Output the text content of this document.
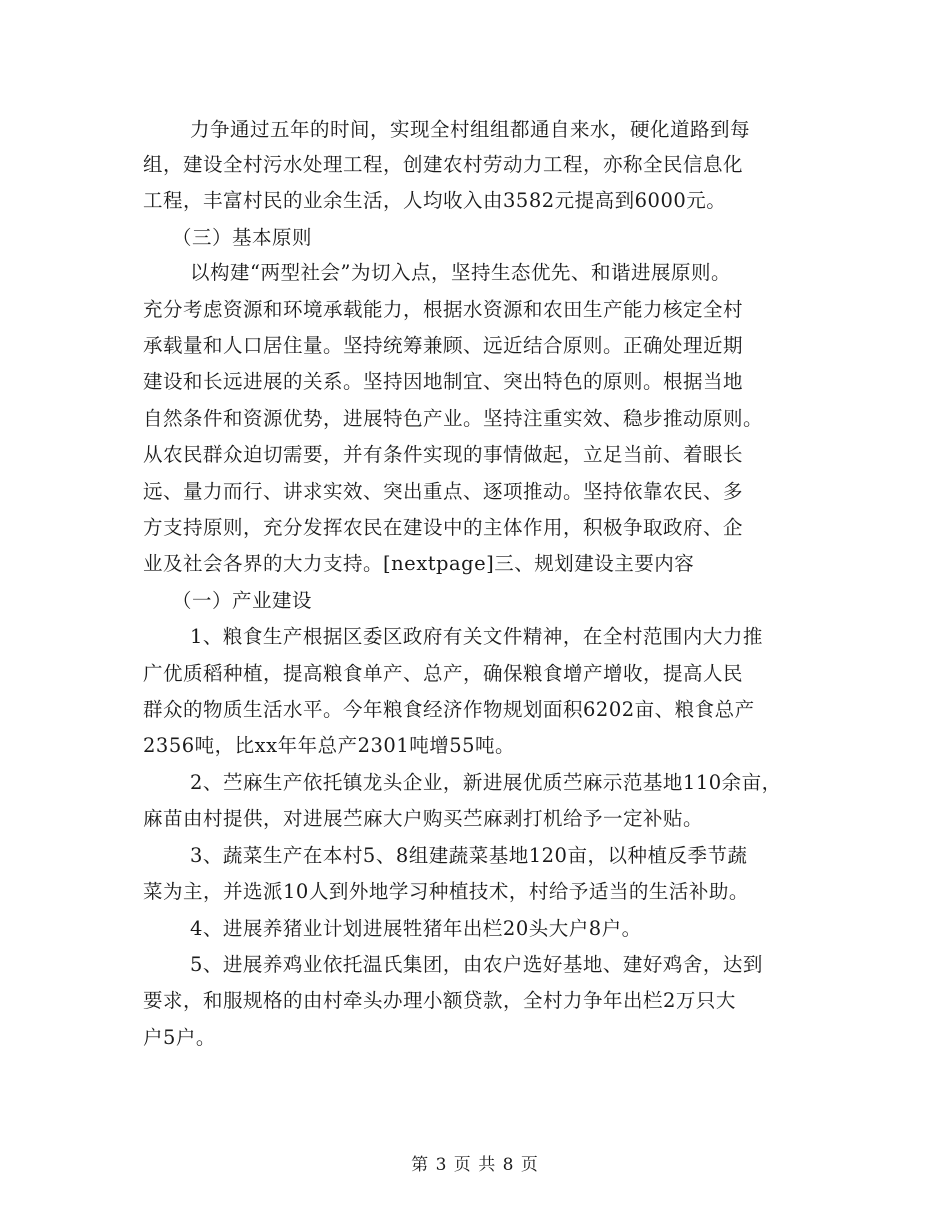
力争通过五年的时间，实现全村组组都通自来水，硬化道路到每
组，建设全村污水处理工程，创建农村劳动力工程，亦称全民信息化
工程，丰富村民的业余生活，人均收入由3582元提高到6000元。
（三）基本原则
以构建“两型社会”为切入点，坚持生态优先、和谐进展原则。
充分考虑资源和环境承载能力，根据水资源和农田生产能力核定全村
承载量和人口居住量。坚持统筹兼顾、远近结合原则。正确处理近期
建设和长远进展的关系。坚持因地制宜、突出特色的原则。根据当地
自然条件和资源优势，进展特色产业。坚持注重实效、稳步推动原则。
从农民群众迫切需要，并有条件实现的事情做起，立足当前、着眼长
远、量力而行、讲求实效、突出重点、逐项推动。坚持依靠农民、多
方支持原则，充分发挥农民在建设中的主体作用，积极争取政府、企
业及社会各界的大力支持。[nextpage]三、规划建设主要内容
（一）产业建设
1、粮食生产根据区委区政府有关文件精神，在全村范围内大力推
广优质稻种植，提高粮食单产、总产，确保粮食增产增收，提高人民
群众的物质生活水平。今年粮食经济作物规划面积6202亩、粮食总产
2356吨，比xx年年总产2301吨增55吨。
2、苎麻生产依托镇龙头企业，新进展优质苎麻示范基地110余亩，
麻苗由村提供，对进展苎麻大户购买苎麻剥打机给予一定补贴。
3、蔬菜生产在本村5、8组建蔬菜基地120亩，以种植反季节蔬
菜为主，并选派10人到外地学习种植技术，村给予适当的生活补助。
4、进展养猪业计划进展牲猪年出栏20头大户8户。
5、进展养鸡业依托温氏集团，由农户选好基地、建好鸡舍，达到
要求，和服规格的由村牵头办理小额贷款，全村力争年出栏2万只大
户5户。
第 3 页 共 8 页
